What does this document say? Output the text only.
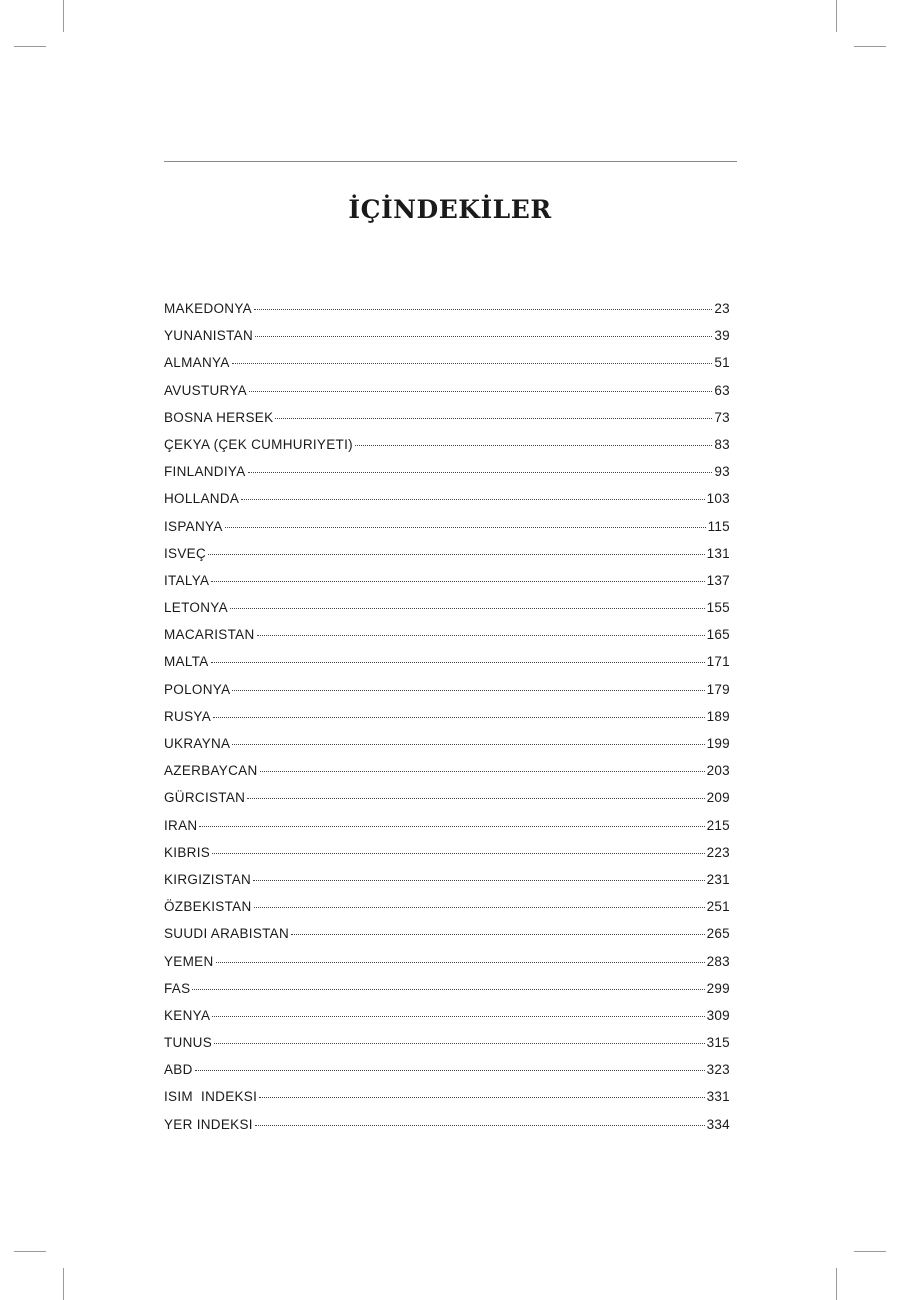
İÇİNDEKİLER
MAKEDONYA	23
YUNANISTAN	39
ALMANYA	51
AVUSTURYA	63
BOSNA HERSEK	73
ÇEKYA (ÇEK CUMHURIYETI)	83
FINLANDIYA	93
HOLLANDA	103
ISPANYA	115
ISVEÇ	131
ITALYA	137
LETONYA	155
MACARISTAN	165
MALTA	171
POLONYA	179
RUSYA	189
UKRAYNA	199
AZERBAYCAN	203
GÜRCISTAN	209
IRAN	215
KIBRIS	223
KIRGIZISTAN	231
ÖZBEKISTAN	251
SUUDI ARABISTAN	265
YEMEN	283
FAS	299
KENYA	309
TUNUS	315
ABD	323
ISIM  INDEKSI	331
YER INDEKSI	334
